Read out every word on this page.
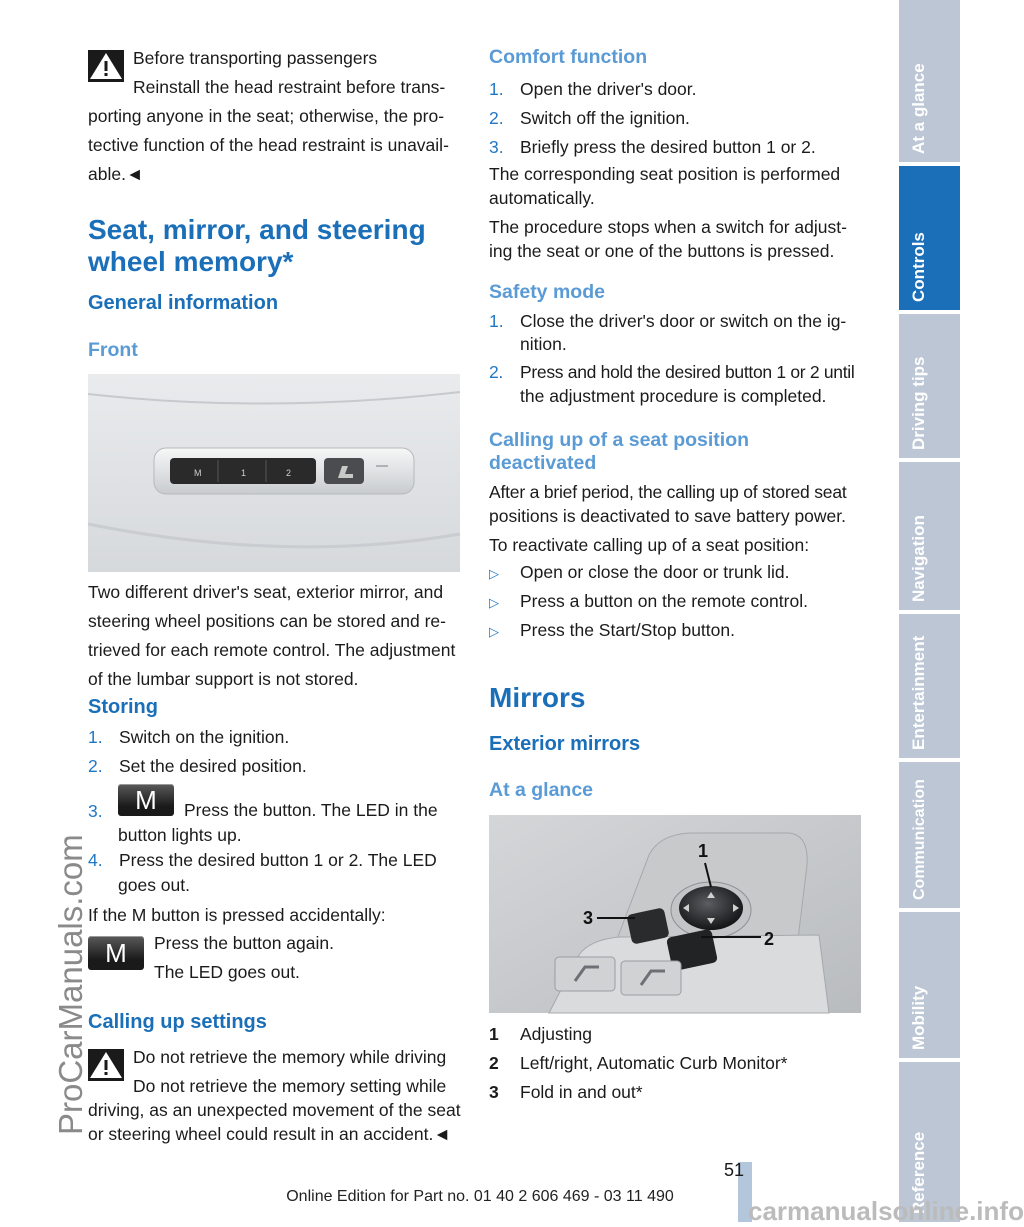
Before transporting passengers
Reinstall the head restraint before trans-
porting anyone in the seat; otherwise, the pro-
tective function of the head restraint is unavail-
able.◄
Seat, mirror, and steering
wheel memory*
General information
Front
M	1	2
Two different driver's seat, exterior mirror, and
steering wheel positions can be stored and re-
trieved for each remote control. The adjustment
of the lumbar support is not stored.
Storing
1. Switch on the ignition.
2. Set the desired position.
3.	M	Press the button. The LED in the
button lights up.
4. Press the desired button 1 or 2. The LED
goes out.
If the M button is pressed accidentally:
M	Press the button again.
The LED goes out.
Calling up settings
Do not retrieve the memory while driving
Do not retrieve the memory setting while
driving, as an unexpected movement of the seat
or steering wheel could result in an accident.◄
Comfort function
1. Open the driver's door.
2. Switch off the ignition.
3. Briefly press the desired button 1 or 2.
The corresponding seat position is performed
automatically.
The procedure stops when a switch for adjust-
ing the seat or one of the buttons is pressed.
Safety mode
1. Close the driver's door or switch on the ig-
nition.
2. Press and hold the desired button 1 or 2 until
the adjustment procedure is completed.
Calling up of a seat position
deactivated
After a brief period, the calling up of stored seat
positions is deactivated to save battery power.
To reactivate calling up of a seat position:
▷ Open or close the door or trunk lid.
▷ Press a button on the remote control.
▷ Press the Start/Stop button.
Mirrors
Exterior mirrors
At a glance
1
2
3
1 Adjusting
2 Left/right, Automatic Curb Monitor*
3 Fold in and out*
At a glance
Controls
Driving tips
Navigation
Entertainment
Communication
Mobility
Reference
ProCarManuals.com
51
Online Edition for Part no. 01 40 2 606 469 - 03 11 490	carmanualsonline.info
